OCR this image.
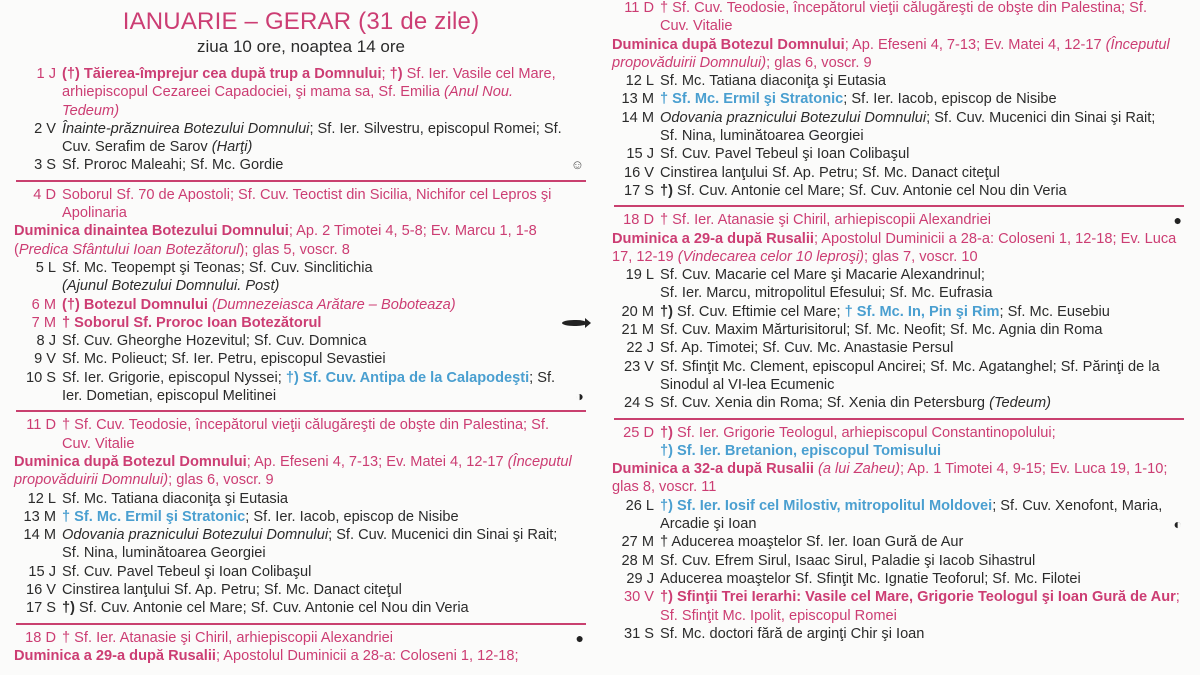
IANUARIE – GERAR (31 de zile)
ziua 10 ore, noaptea 14 ore
1 J (†) Tăierea-împrejur cea după trup a Domnului; †) Sf. Ier. Vasile cel Mare, arhiepiscopul Cezareei Capadociei, şi mama sa, Sf. Emilia (Anul Nou. Tedeum)
2 V Înainte-prăznuirea Botezului Domnului; Sf. Ier. Silvestru, episcopul Romei; Sf. Cuv. Serafim de Sarov (Harţi)
3 S Sf. Proroc Maleahi; Sf. Mc. Gordie	☺
4 D Soborul Sf. 70 de Apostoli; Sf. Cuv. Teoctist din Sicilia, Nichifor cel Lepros şi Apolinaria
Duminica dinaintea Botezului Domnului; Ap. 2 Timotei 4, 5-8; Ev. Marcu 1, 1-8 (Predica Sfântului Ioan Botezătorul); glas 5, voscr. 8
5 L Sf. Mc. Teopempt şi Teonas; Sf. Cuv. Sinclitichia
(Ajunul Botezului Domnului. Post)
6 M (†) Botezul Domnului (Dumnezeiasca Arătare – Boboteaza)
7 M † Soborul Sf. Proroc Ioan Botezătorul
8 J Sf. Cuv. Gheorghe Hozevitul; Sf. Cuv. Domnica
9 V Sf. Mc. Polieuct; Sf. Ier. Petru, episcopul Sevastiei
10 S Sf. Ier. Grigorie, episcopul Nyssei; †) Sf. Cuv. Antipa de la Calapodeşti; Sf. Ier. Dometian, episcopul Melitinei	◑
11 D † Sf. Cuv. Teodosie, începătorul vieţii călugăreşti de obşte din Palestina; Sf. Cuv. Vitalie
Duminica după Botezul Domnului; Ap. Efeseni 4, 7-13; Ev. Matei 4, 12-17 (Începutul propovăduirii Domnului); glas 6, voscr. 9
12 L Sf. Mc. Tatiana diaconiţa şi Eutasia
13 M † Sf. Mc. Ermil şi Stratonic; Sf. Ier. Iacob, episcop de Nisibe
14 M Odovania praznicului Botezului Domnului; Sf. Cuv. Mucenici din Sinai şi Rait; Sf. Nina, luminătoarea Georgiei
15 J Sf. Cuv. Pavel Tebeul şi Ioan Colibaşul
16 V Cinstirea lanţului Sf. Ap. Petru; Sf. Mc. Danact citeţul
17 S †) Sf. Cuv. Antonie cel Mare; Sf. Cuv. Antonie cel Nou din Veria
18 D † Sf. Ier. Atanasie şi Chiril, arhiepiscopii Alexandriei	●
Duminica a 29-a după Rusalii; Apostolul Duminicii a 28-a: Coloseni 1, 12-18;
11 D † Sf. Cuv. Teodosie, începătorul vieţii călugăreşti de obşte din Palestina; Sf. Cuv. Vitalie
Duminica după Botezul Domnului; Ap. Efeseni 4, 7-13; Ev. Matei 4, 12-17 (Începutul propovăduirii Domnului); glas 6, voscr. 9
12 L Sf. Mc. Tatiana diaconiţa şi Eutasia
13 M † Sf. Mc. Ermil şi Stratonic; Sf. Ier. Iacob, episcop de Nisibe
14 M Odovania praznicului Botezului Domnului; Sf. Cuv. Mucenici din Sinai şi Rait; Sf. Nina, luminătoarea Georgiei
15 J Sf. Cuv. Pavel Tebeul şi Ioan Colibaşul
16 V Cinstirea lanţului Sf. Ap. Petru; Sf. Mc. Danact citeţul
17 S †) Sf. Cuv. Antonie cel Mare; Sf. Cuv. Antonie cel Nou din Veria
18 D † Sf. Ier. Atanasie şi Chiril, arhiepiscopii Alexandriei	●
Duminica a 29-a după Rusalii; Apostolul Duminicii a 28-a: Coloseni 1, 12-18; Ev. Luca 17, 12-19 (Vindecarea celor 10 leproşi); glas 7, voscr. 10
19 L Sf. Cuv. Macarie cel Mare şi Macarie Alexandrinul;
Sf. Ier. Marcu, mitropolitul Efesului; Sf. Mc. Eufrasia
20 M †) Sf. Cuv. Eftimie cel Mare; † Sf. Mc. In, Pin şi Rim; Sf. Mc. Eusebiu
21 M Sf. Cuv. Maxim Mărturisitorul; Sf. Mc. Neofit; Sf. Mc. Agnia din Roma
22 J Sf. Ap. Timotei; Sf. Cuv. Mc. Anastasie Persul
23 V Sf. Sfinţit Mc. Clement, episcopul Ancirei; Sf. Mc. Agatanghel; Sf. Părinţi de la Sinodul al VI-lea Ecumenic
24 S Sf. Cuv. Xenia din Roma; Sf. Xenia din Petersburg (Tedeum)
25 D †) Sf. Ier. Grigorie Teologul, arhiepiscopul Constantinopolului;
†) Sf. Ier. Bretanion, episcopul Tomisului
Duminica a 32-a după Rusalii (a lui Zaheu); Ap. 1 Timotei 4, 9-15; Ev. Luca 19, 1-10; glas 8, voscr. 11
26 L †) Sf. Ier. Iosif cel Milostiv, mitropolitul Moldovei; Sf. Cuv. Xenofont, Maria, Arcadie şi Ioan	◐
27 M † Aducerea moaştelor Sf. Ier. Ioan Gură de Aur
28 M Sf. Cuv. Efrem Sirul, Isaac Sirul, Paladie şi Iacob Sihastrul
29 J Aducerea moaştelor Sf. Sfinţit Mc. Ignatie Teoforul; Sf. Mc. Filotei
30 V †) Sfinţii Trei Ierarhi: Vasile cel Mare, Grigorie Teologul şi Ioan Gură de Aur; Sf. Sfinţit Mc. Ipolit, episcopul Romei
31 S Sf. Mc. doctori fără de arginţi Chir şi Ioan
